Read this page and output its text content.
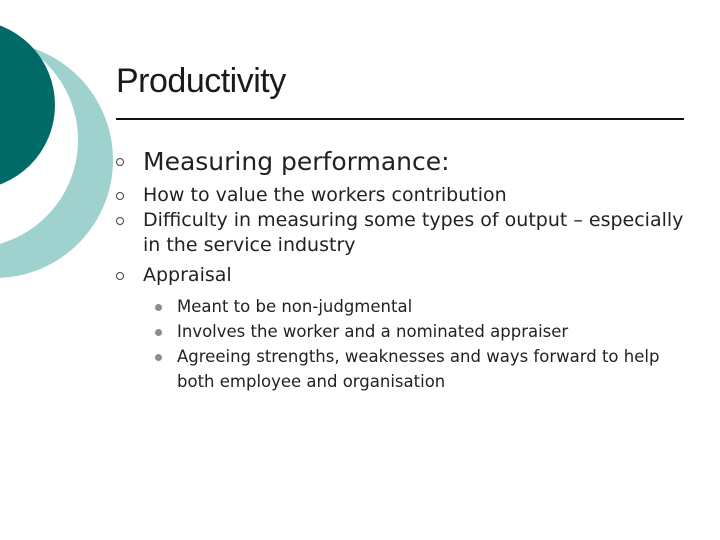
Productivity
Measuring performance:
How to value the workers contribution
Difficulty in measuring some types of output – especially in the service industry
Appraisal
Meant to be non-judgmental
Involves the worker and a nominated appraiser
Agreeing strengths, weaknesses and ways forward to help both employee and organisation
